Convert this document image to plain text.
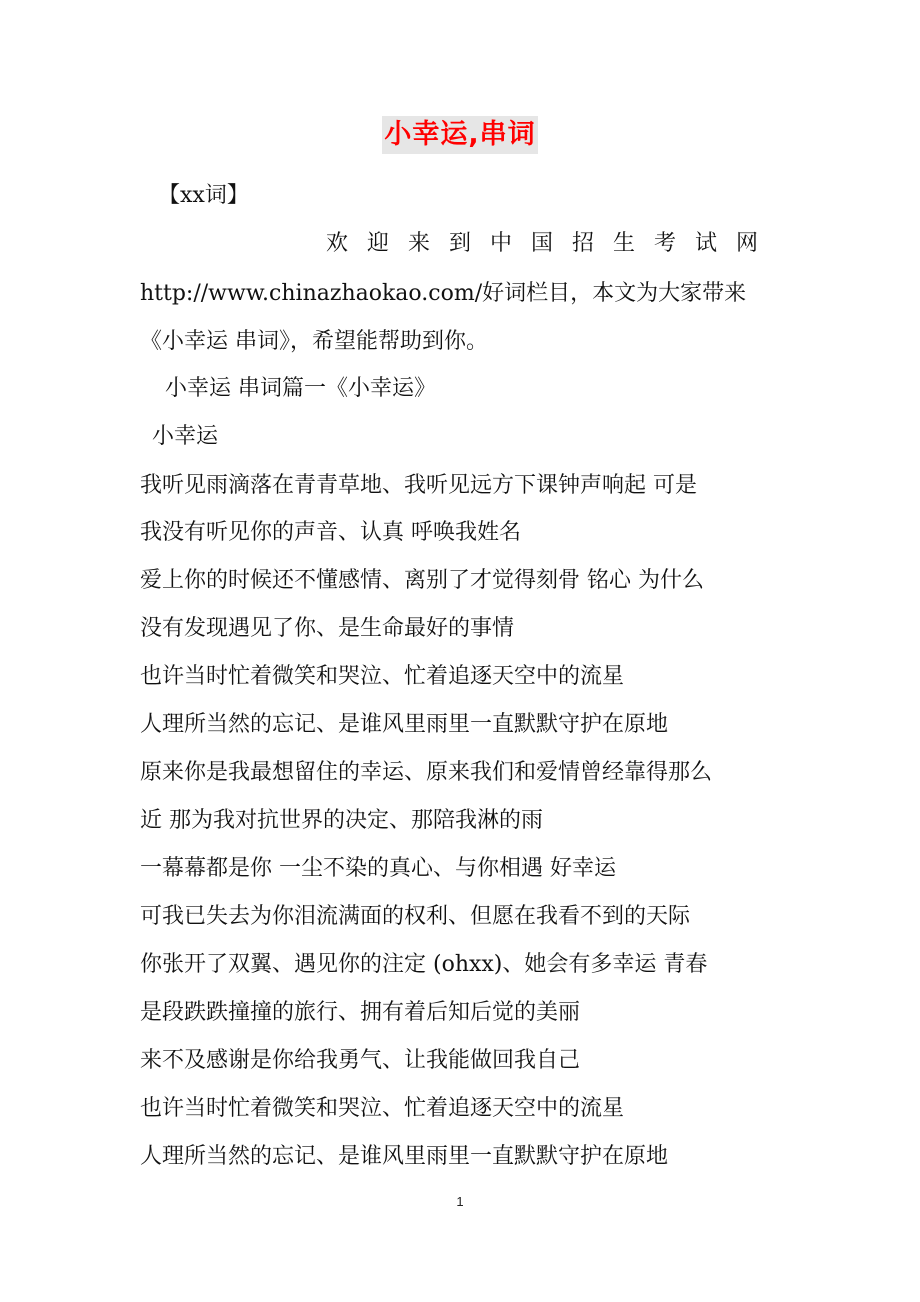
小幸运,串词
【xx词】
欢迎来到中国招生考试网
http://www.chinazhaokao.com/好词栏目，本文为大家带来
《小幸运 串词》，希望能帮助到你。
小幸运 串词篇一《小幸运》
小幸运
我听见雨滴落在青青草地、我听见远方下课钟声响起 可是
我没有听见你的声音、认真 呼唤我姓名
爱上你的时候还不懂感情、离别了才觉得刻骨 铭心 为什么
没有发现遇见了你、是生命最好的事情
也许当时忙着微笑和哭泣、忙着追逐天空中的流星
人理所当然的忘记、是谁风里雨里一直默默守护在原地
原来你是我最想留住的幸运、原来我们和爱情曾经靠得那么
近 那为我对抗世界的决定、那陪我淋的雨
一幕幕都是你 一尘不染的真心、与你相遇 好幸运
可我已失去为你泪流满面的权利、但愿在我看不到的天际
你张开了双翼、遇见你的注定 (ohxx)、她会有多幸运 青春
是段跌跌撞撞的旅行、拥有着后知后觉的美丽
来不及感谢是你给我勇气、让我能做回我自己
也许当时忙着微笑和哭泣、忙着追逐天空中的流星
人理所当然的忘记、是谁风里雨里一直默默守护在原地
1
